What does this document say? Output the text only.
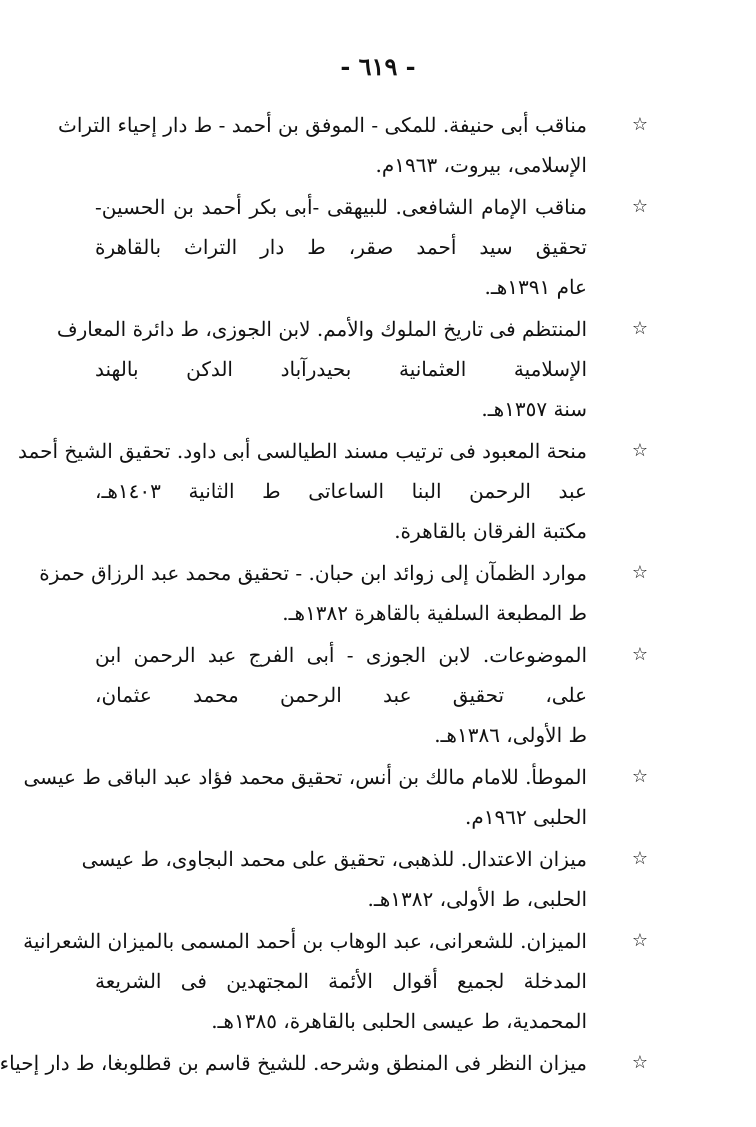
- ٦١٩ -
☆
مناقب أبى حنيفة. للمكى - الموفق بن أحمد - ط دار إحياء التراث
الإسلامى، بيروت، ١٩٦٣م.
☆
مناقب الإمام الشافعى. للبيهقى -أبى بكر أحمد بن الحسين-
تحقيق سيد أحمد صقر، ط دار التراث بالقاهرة
عام ١٣٩١هـ.
☆
المنتظم فى تاريخ الملوك والأمم. لابن الجوزى، ط دائرة المعارف
الإسلامية العثمانية بحيدرآباد الدكن بالهند
سنة ١٣٥٧هـ.
☆
منحة المعبود فى ترتيب مسند الطيالسى أبى داود. تحقيق الشيخ أحمد
عبد الرحمن البنا الساعاتى ط الثانية ١٤٠٣هـ،
مكتبة الفرقان بالقاهرة.
☆
موارد الظمآن إلى زوائد ابن حبان. - تحقيق محمد عبد الرزاق حمزة
ط المطبعة السلفية بالقاهرة ١٣٨٢هـ.
☆
الموضوعات. لابن الجوزى - أبى الفرج عبد الرحمن ابن
على، تحقيق عبد الرحمن محمد عثمان،
ط الأولى، ١٣٨٦هـ.
☆
الموطأ. للامام مالك بن أنس، تحقيق محمد فؤاد عبد الباقى ط عيسى
الحلبى ١٩٦٢م.
☆
ميزان الاعتدال. للذهبى، تحقيق على محمد البجاوى، ط عيسى
الحلبى، ط الأولى، ١٣٨٢هـ.
☆
الميزان. للشعرانى، عبد الوهاب بن أحمد المسمى بالميزان الشعرانية
المدخلة لجميع أقوال الأئمة المجتهدين فى الشريعة
المحمدية، ط عيسى الحلبى بالقاهرة، ١٣٨٥هـ.
☆
ميزان النظر فى المنطق وشرحه. للشيخ قاسم بن قطلوبغا، ط دار إحياء
